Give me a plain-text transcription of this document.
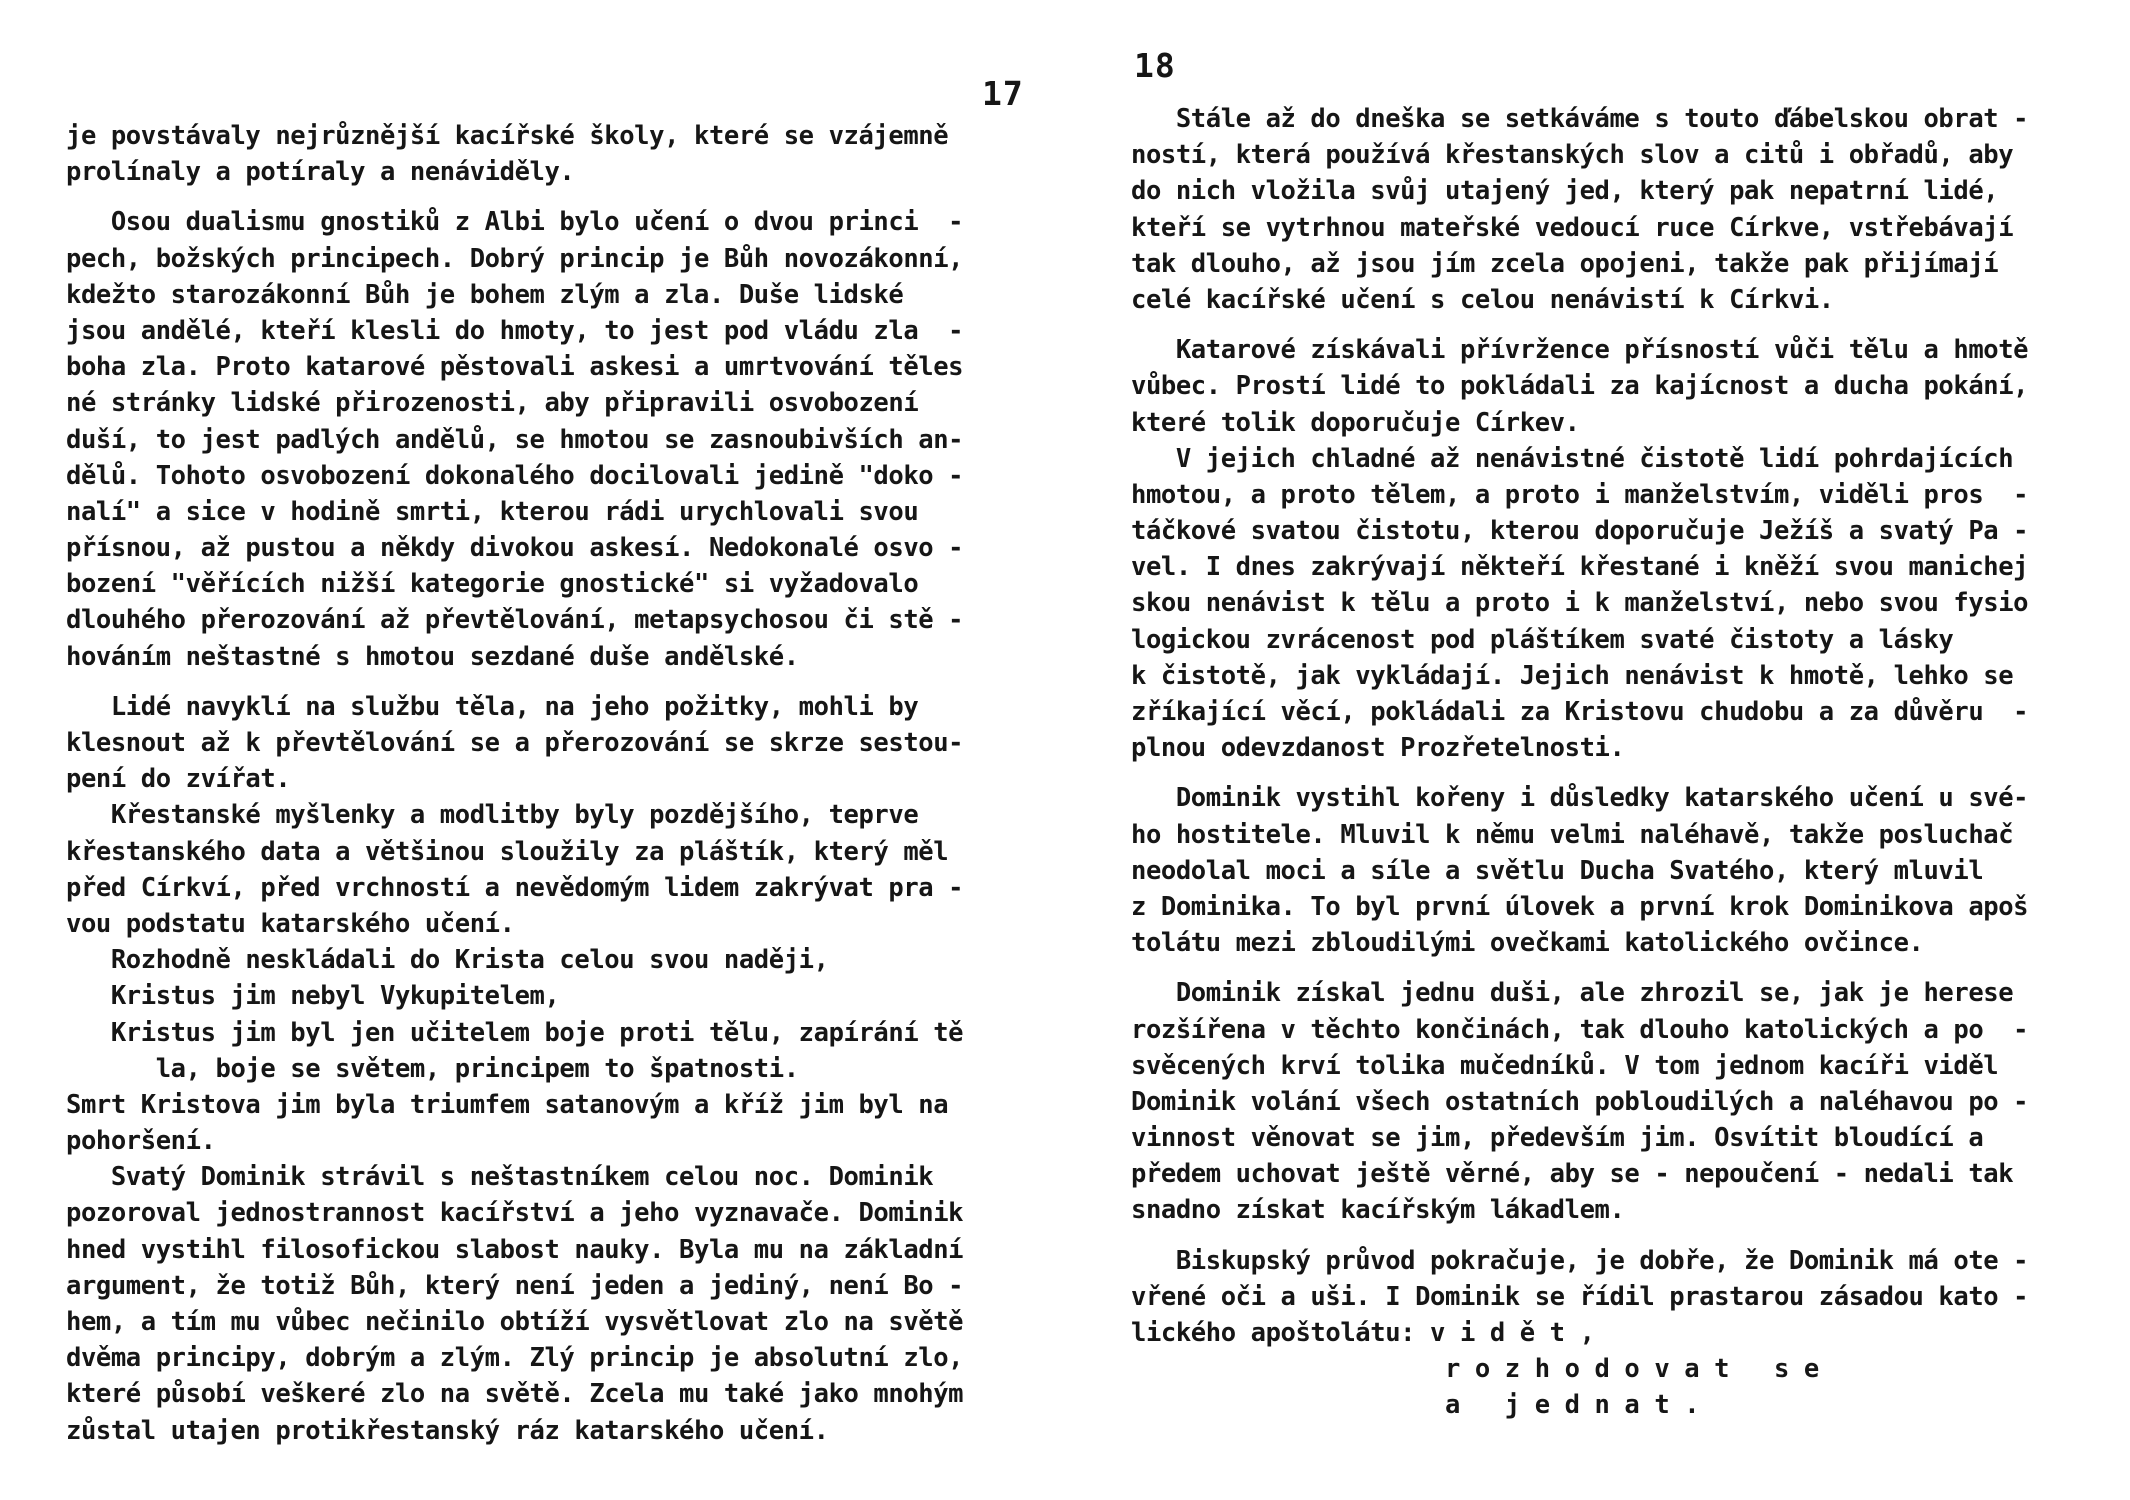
17
je povstávaly nejrůznější kacířské školy, které se vzájemně
prolínaly a potíraly a nenáviděly.
Osou dualismu gnostiků z Albi bylo učení o dvou princi  -
pech, božských principech. Dobrý princip je Bůh novozákonní,
kdežto starozákonní Bůh je bohem zlým a zla. Duše lidské
jsou andělé, kteří klesli do hmoty, to jest pod vládu zla  -
boha zla. Proto katarové pěstovali askesi a umrtvování těles
né stránky lidské přirozenosti, aby připravili osvobození
duší, to jest padlých andělů, se hmotou se zasnoubivších an-
dělů. Tohoto osvobození dokonalého docilovali jedině "doko -
nalí" a sice v hodině smrti, kterou rádi urychlovali svou
přísnou, až pustou a někdy divokou askesí. Nedokonalé osvo -
bození "věřících nižší kategorie gnostické" si vyžadovalo
dlouhého přerozování až převtělování, metapsychosou či stě -
hováním neštastné s hmotou sezdané duše andělské.
Lidé navyklí na službu těla, na jeho požitky, mohli by
klesnout až k převtělování se a přerozování se skrze sestou-
pení do zvířat.
Křestanské myšlenky a modlitby byly pozdějšího, teprve
křestanského data a většinou sloužily za pláštík, který měl
před Církví, před vrchností a nevědomým lidem zakrývat pra -
vou podstatu katarského učení.
Rozhodně neskládali do Krista celou svou naději,
Kristus jim nebyl Vykupitelem,
Kristus jim byl jen učitelem boje proti tělu, zapírání tě
la, boje se světem, principem to špatnosti.
Smrt Kristova jim byla triumfem satanovým a kříž jim byl na
pohoršení.
Svatý Dominik strávil s neštastníkem celou noc. Dominik
pozoroval jednostrannost kacířství a jeho vyznavače. Dominik
hned vystihl filosofickou slabost nauky. Byla mu na základní
argument, že totiž Bůh, který není jeden a jediný, není Bo -
hem, a tím mu vůbec nečinilo obtíží vysvětlovat zlo na světě
dvěma principy, dobrým a zlým. Zlý princip je absolutní zlo,
které působí veškeré zlo na světě. Zcela mu také jako mnohým
zůstal utajen protikřestanský ráz katarského učení.
18
Stále až do dneška se setkáváme s touto ďábelskou obrat -
ností, která používá křestanských slov a citů i obřadů, aby
do nich vložila svůj utajený jed, který pak nepatrní lidé,
kteří se vytrhnou mateřské vedoucí ruce Církve, vstřebávají
tak dlouho, až jsou jím zcela opojeni, takže pak přijímají
celé kacířské učení s celou nenávistí k Církvi.
Katarové získávali přívržence přísností vůči tělu a hmotě
vůbec. Prostí lidé to pokládali za kajícnost a ducha pokání,
které tolik doporučuje Církev.
V jejich chladné až nenávistné čistotě lidí pohrdajících
hmotou, a proto tělem, a proto i manželstvím, viděli pros  -
táčkové svatou čistotu, kterou doporučuje Ježíš a svatý Pa -
vel. I dnes zakrývají někteří křestané i kněží svou manichej
skou nenávist k tělu a proto i k manželství, nebo svou fysio
logickou zvrácenost pod pláštíkem svaté čistoty a lásky
k čistotě, jak vykládají. Jejich nenávist k hmotě, lehko se
zříkající věcí, pokládali za Kristovu chudobu a za důvěru  -
plnou odevzdanost Prozřetelnosti.
Dominik vystihl kořeny i důsledky katarského učení u své-
ho hostitele. Mluvil k němu velmi naléhavě, takže posluchač
neodolal moci a síle a světlu Ducha Svatého, který mluvil
z Dominika. To byl první úlovek a první krok Dominikova apoš
tolátu mezi zbloudilými ovečkami katolického ovčince.
Dominik získal jednu duši, ale zhrozil se, jak je herese
rozšířena v těchto končinách, tak dlouho katolických a po  -
svěcených krví tolika mučedníků. V tom jednom kacíři viděl
Dominik volání všech ostatních pobloudilých a naléhavou po -
vinnost věnovat se jim, především jim. Osvítit bloudící a
předem uchovat ještě věrné, aby se - nepoučení - nedali tak
snadno získat kacířským lákadlem.
Biskupský průvod pokračuje, je dobře, že Dominik má ote -
vřené oči a uši. I Dominik se řídil prastarou zásadou kato -
lického apoštolátu: v i d ě t ,
r o z h o d o v a t   s e
a   j e d n a t .
